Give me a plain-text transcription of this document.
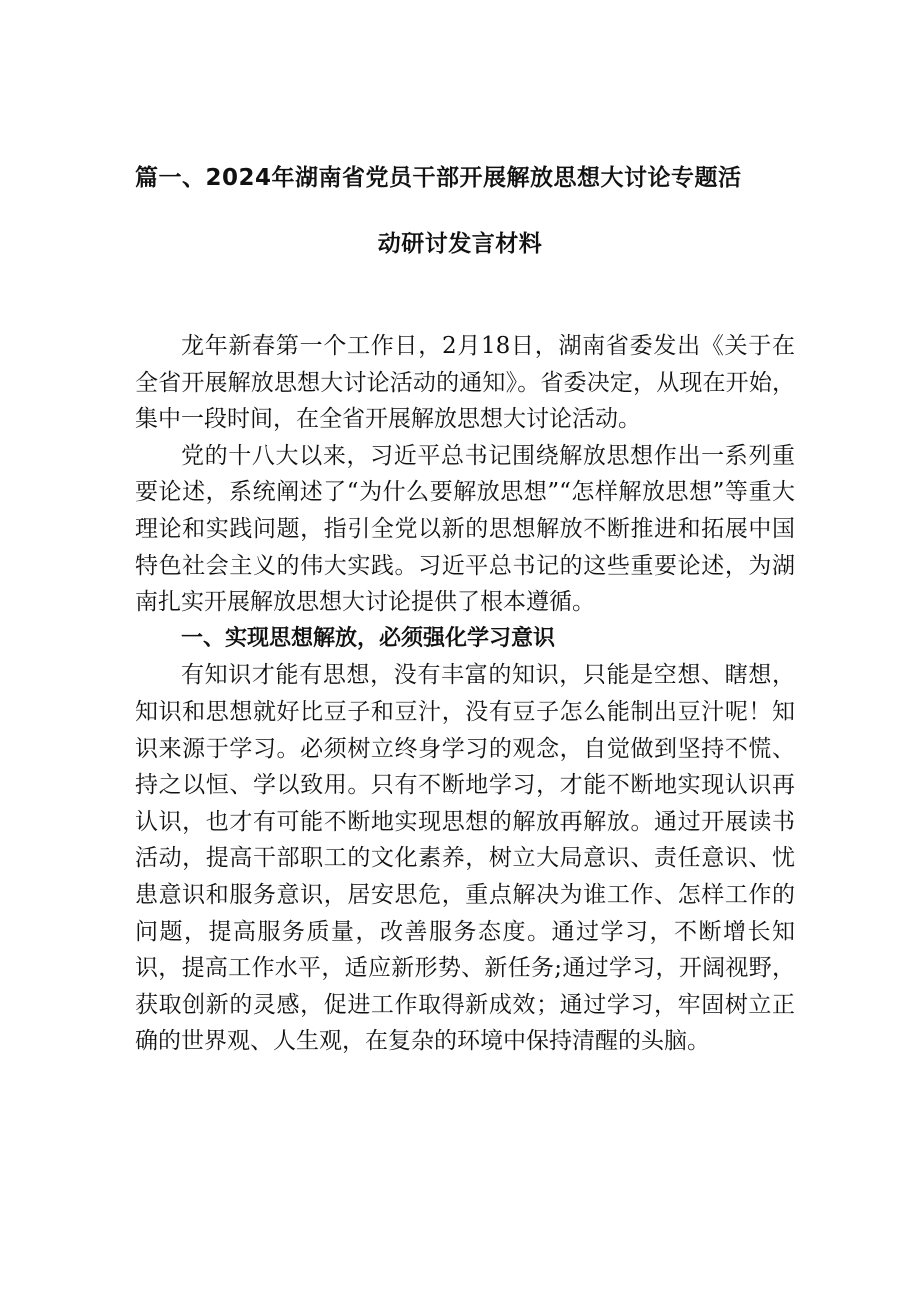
篇一、2024年湖南省党员干部开展解放思想大讨论专题活
动研讨发言材料

龙年新春第一个工作日，2月18日，湖南省委发出《关于在全省开展解放思想大讨论活动的通知》。省委决定，从现在开始，集中一段时间，在全省开展解放思想大讨论活动。

党的十八大以来，习近平总书记围绕解放思想作出一系列重要论述，系统阐述了“为什么要解放思想”“怎样解放思想”等重大理论和实践问题，指引全党以新的思想解放不断推进和拓展中国特色社会主义的伟大实践。习近平总书记的这些重要论述，为湖南扎实开展解放思想大讨论提供了根本遵循。

一、实现思想解放，必须强化学习意识

有知识才能有思想，没有丰富的知识，只能是空想、瞎想，知识和思想就好比豆子和豆汁，没有豆子怎么能制出豆汁呢！知识来源于学习。必须树立终身学习的观念，自觉做到坚持不慌、持之以恒、学以致用。只有不断地学习，才能不断地实现认识再认识，也才有可能不断地实现思想的解放再解放。通过开展读书活动，提高干部职工的文化素养，树立大局意识、责任意识、忧患意识和服务意识，居安思危，重点解决为谁工作、怎样工作的问题，提高服务质量，改善服务态度。通过学习，不断增长知识，提高工作水平，适应新形势、新任务;通过学习，开阔视野，获取创新的灵感，促进工作取得新成效；通过学习，牢固树立正确的世界观、人生观，在复杂的环境中保持清醒的头脑。
